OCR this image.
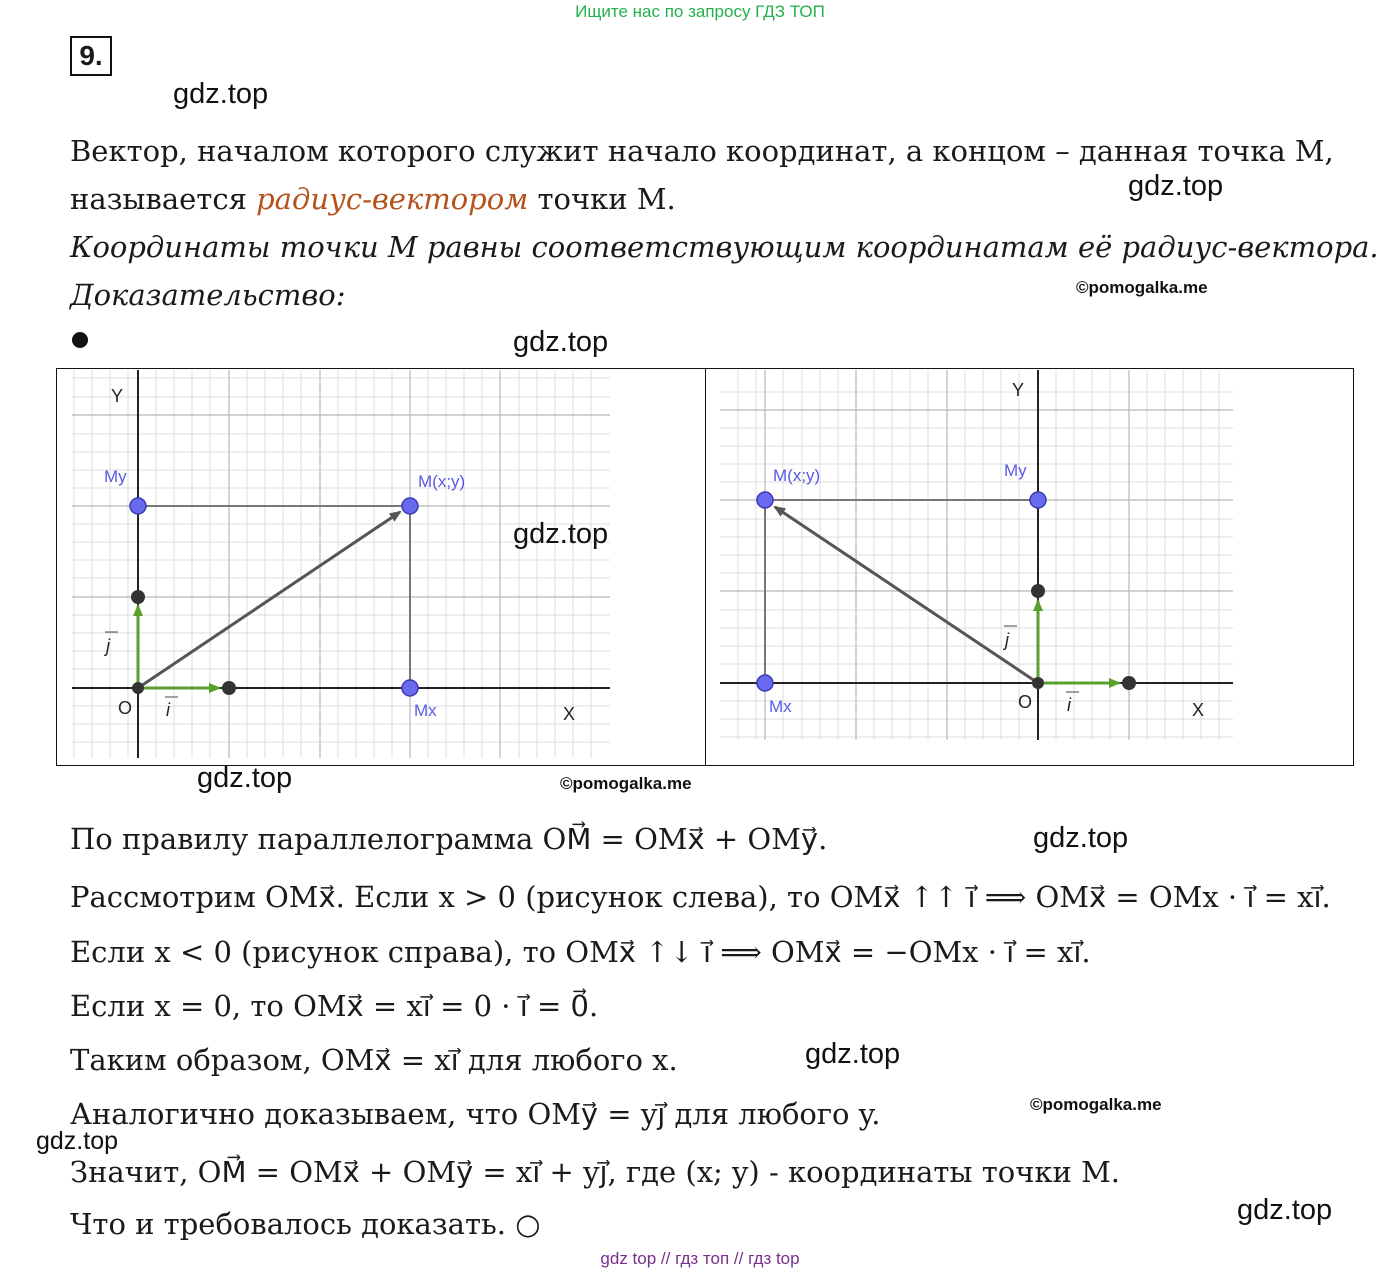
Ищите нас по запросу ГДЗ ТОП
9.
gdz.top
Вектор, началом которого служит начало координат, а концом – данная точка M,
называется радиус-вектором точки M.	gdz.top
Координаты точки M равны соответствующим координатам её радиус-вектора.
Доказательство:	©pomogalka.me
gdz.top
Y
X
O
M(x;y)
My
Mx
i
j
Y
X
O
M(x;y)	My
Mx	i
j
gdz.top
gdz.top	©pomogalka.me
По правилу параллелограмма OM⃗ = OMx⃗ + OMy⃗.	gdz.top
Рассмотрим OMx⃗. Если x > 0 (рисунок слева), то OMx⃗ ↑↑ i⃗ ⟹ OMx⃗ = OMx · i⃗ = xi⃗.
Если x < 0 (рисунок справа), то OMx⃗ ↑↓ i⃗ ⟹ OMx⃗ = −OMx · i⃗ = xi⃗.
Если x = 0, то OMx⃗ = xi⃗ = 0 · i⃗ = 0⃗.
Таким образом, OMx⃗ = xi⃗ для любого x.	gdz.top
Аналогично доказываем, что OMy⃗ = yj⃗ для любого y.	©pomogalka.me
gdz.top
Значит, OM⃗ = OMx⃗ + OMy⃗ = xi⃗ + yj⃗, где (x; y) - координаты точки M.
Что и требовалось доказать. ○	gdz.top
gdz top // гдз топ // гдз top
